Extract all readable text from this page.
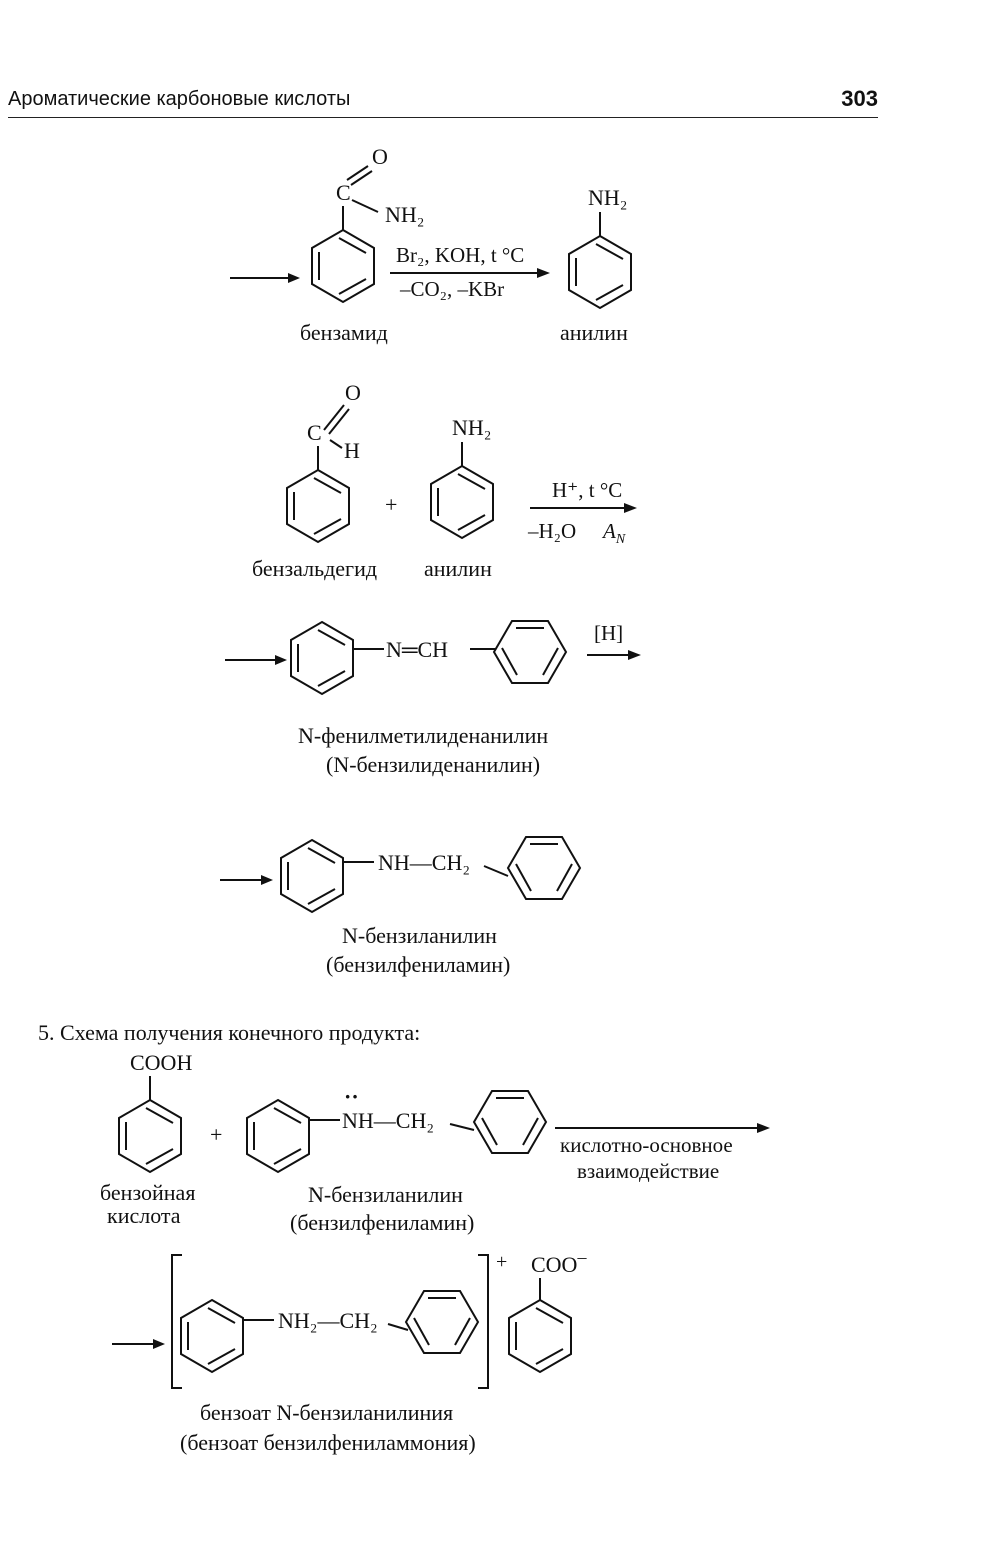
Ароматические карбоновые кислоты	303
O
C
NH₂
Br₂, KOH, t °C
–CO₂, –KBr
бензамид
NH₂
анилин
O
C
H
+
NH₂
H⁺, t °C
–H₂O $A_N$
бензальдегид анилин
N═CH
[H]
N-фенилметилиденанилин
(N-бензилиденанилин)
NH—CH₂
N-бензиланилин
(бензилфениламин)
5. Схема получения конечного продукта:
COOH
+
··
NH—CH₂
кислотно-основное
взаимодействие
бензойная
кислота
N-бензиланилин
(бензилфениламин)
+
NH₂—CH₂
COO–
бензоат N-бензиланилиния
(бензоат бензилфениламмония)
